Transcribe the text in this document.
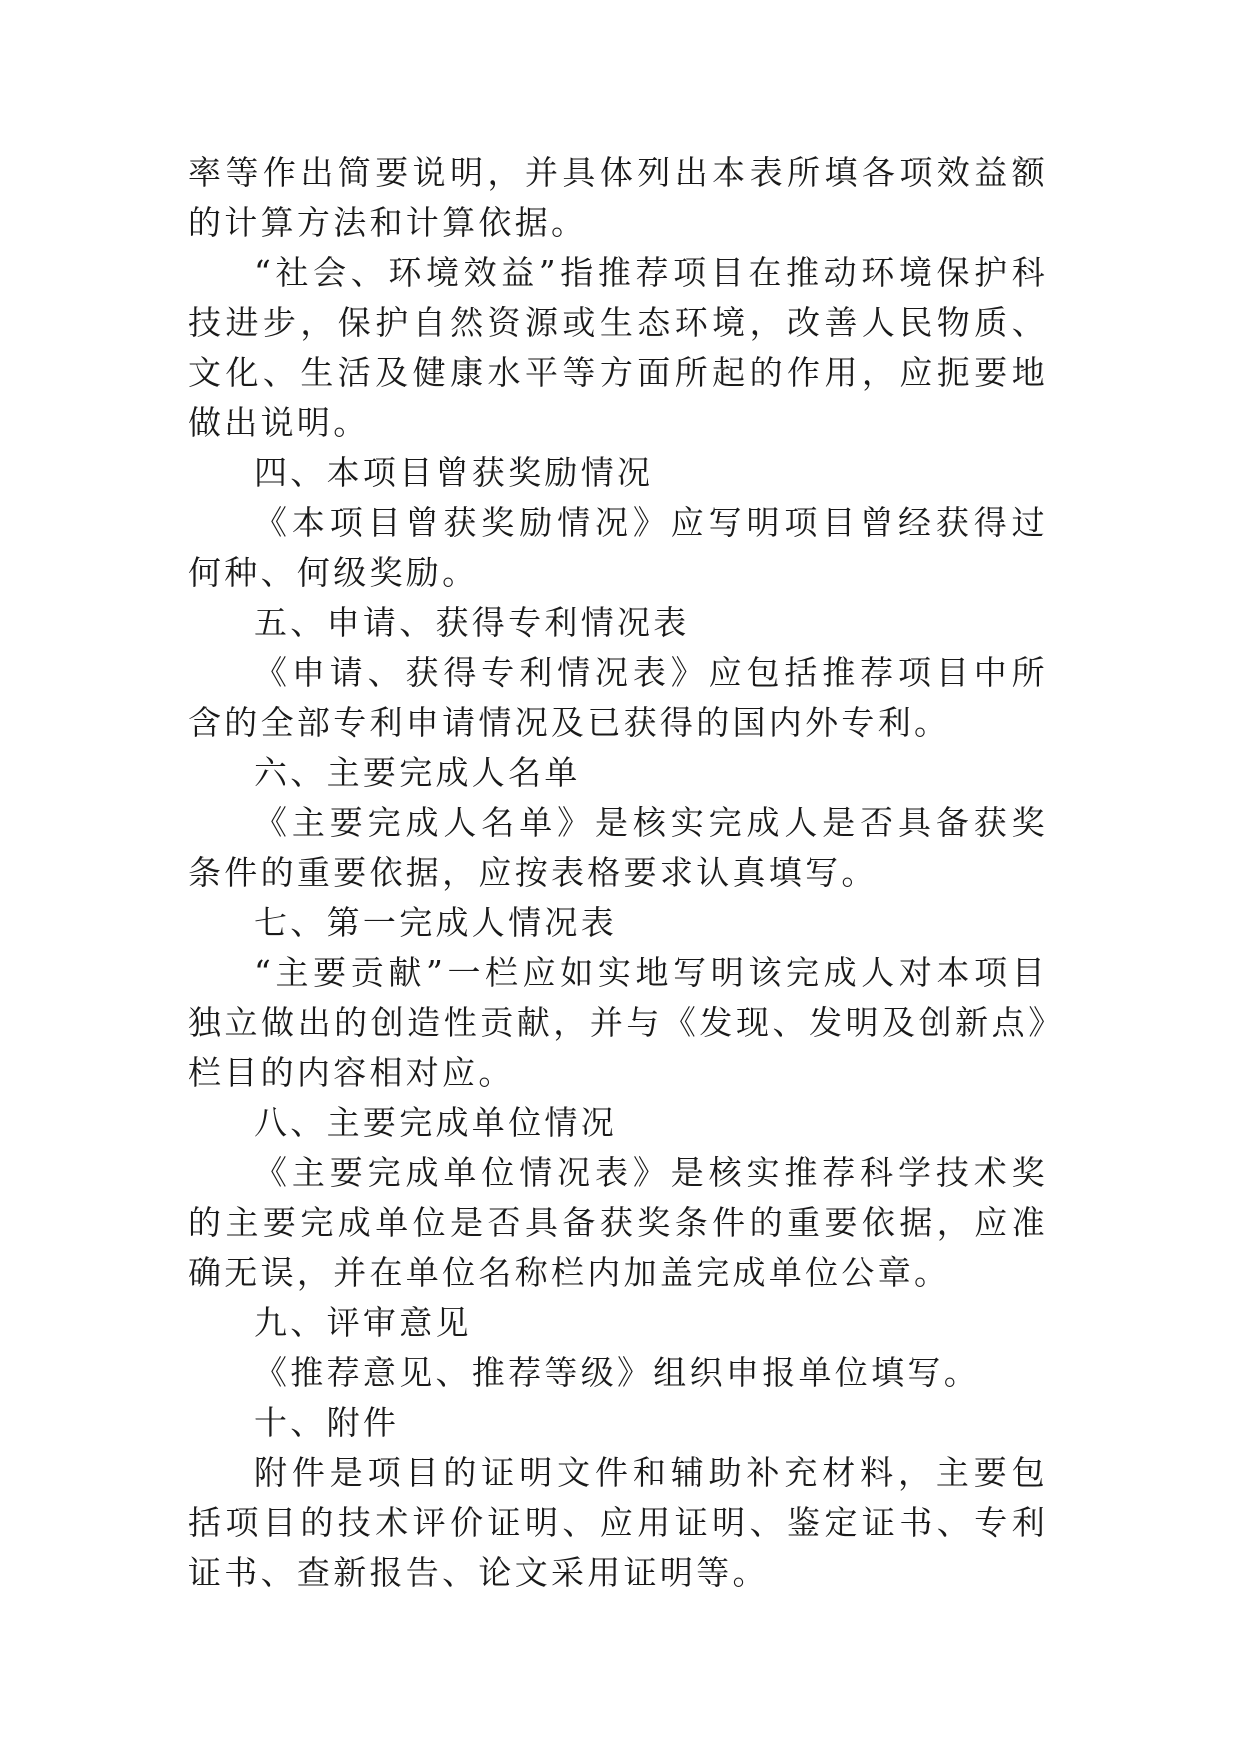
率等作出简要说明，并具体列出本表所填各项效益额的计算方法和计算依据。

“社会、环境效益”指推荐项目在推动环境保护科技进步，保护自然资源或生态环境，改善人民物质、文化、生活及健康水平等方面所起的作用，应扼要地做出说明。

四、本项目曾获奖励情况

《本项目曾获奖励情况》应写明项目曾经获得过何种、何级奖励。

五、申请、获得专利情况表

《申请、获得专利情况表》应包括推荐项目中所含的全部专利申请情况及已获得的国内外专利。

六、主要完成人名单

《主要完成人名单》是核实完成人是否具备获奖条件的重要依据，应按表格要求认真填写。

七、第一完成人情况表

“主要贡献”一栏应如实地写明该完成人对本项目独立做出的创造性贡献，并与《发现、发明及创新点》栏目的内容相对应。

八、主要完成单位情况

《主要完成单位情况表》是核实推荐科学技术奖的主要完成单位是否具备获奖条件的重要依据，应准确无误，并在单位名称栏内加盖完成单位公章。

九、评审意见

《推荐意见、推荐等级》组织申报单位填写。

十、附件

附件是项目的证明文件和辅助补充材料，主要包括项目的技术评价证明、应用证明、鉴定证书、专利证书、查新报告、论文采用证明等。
